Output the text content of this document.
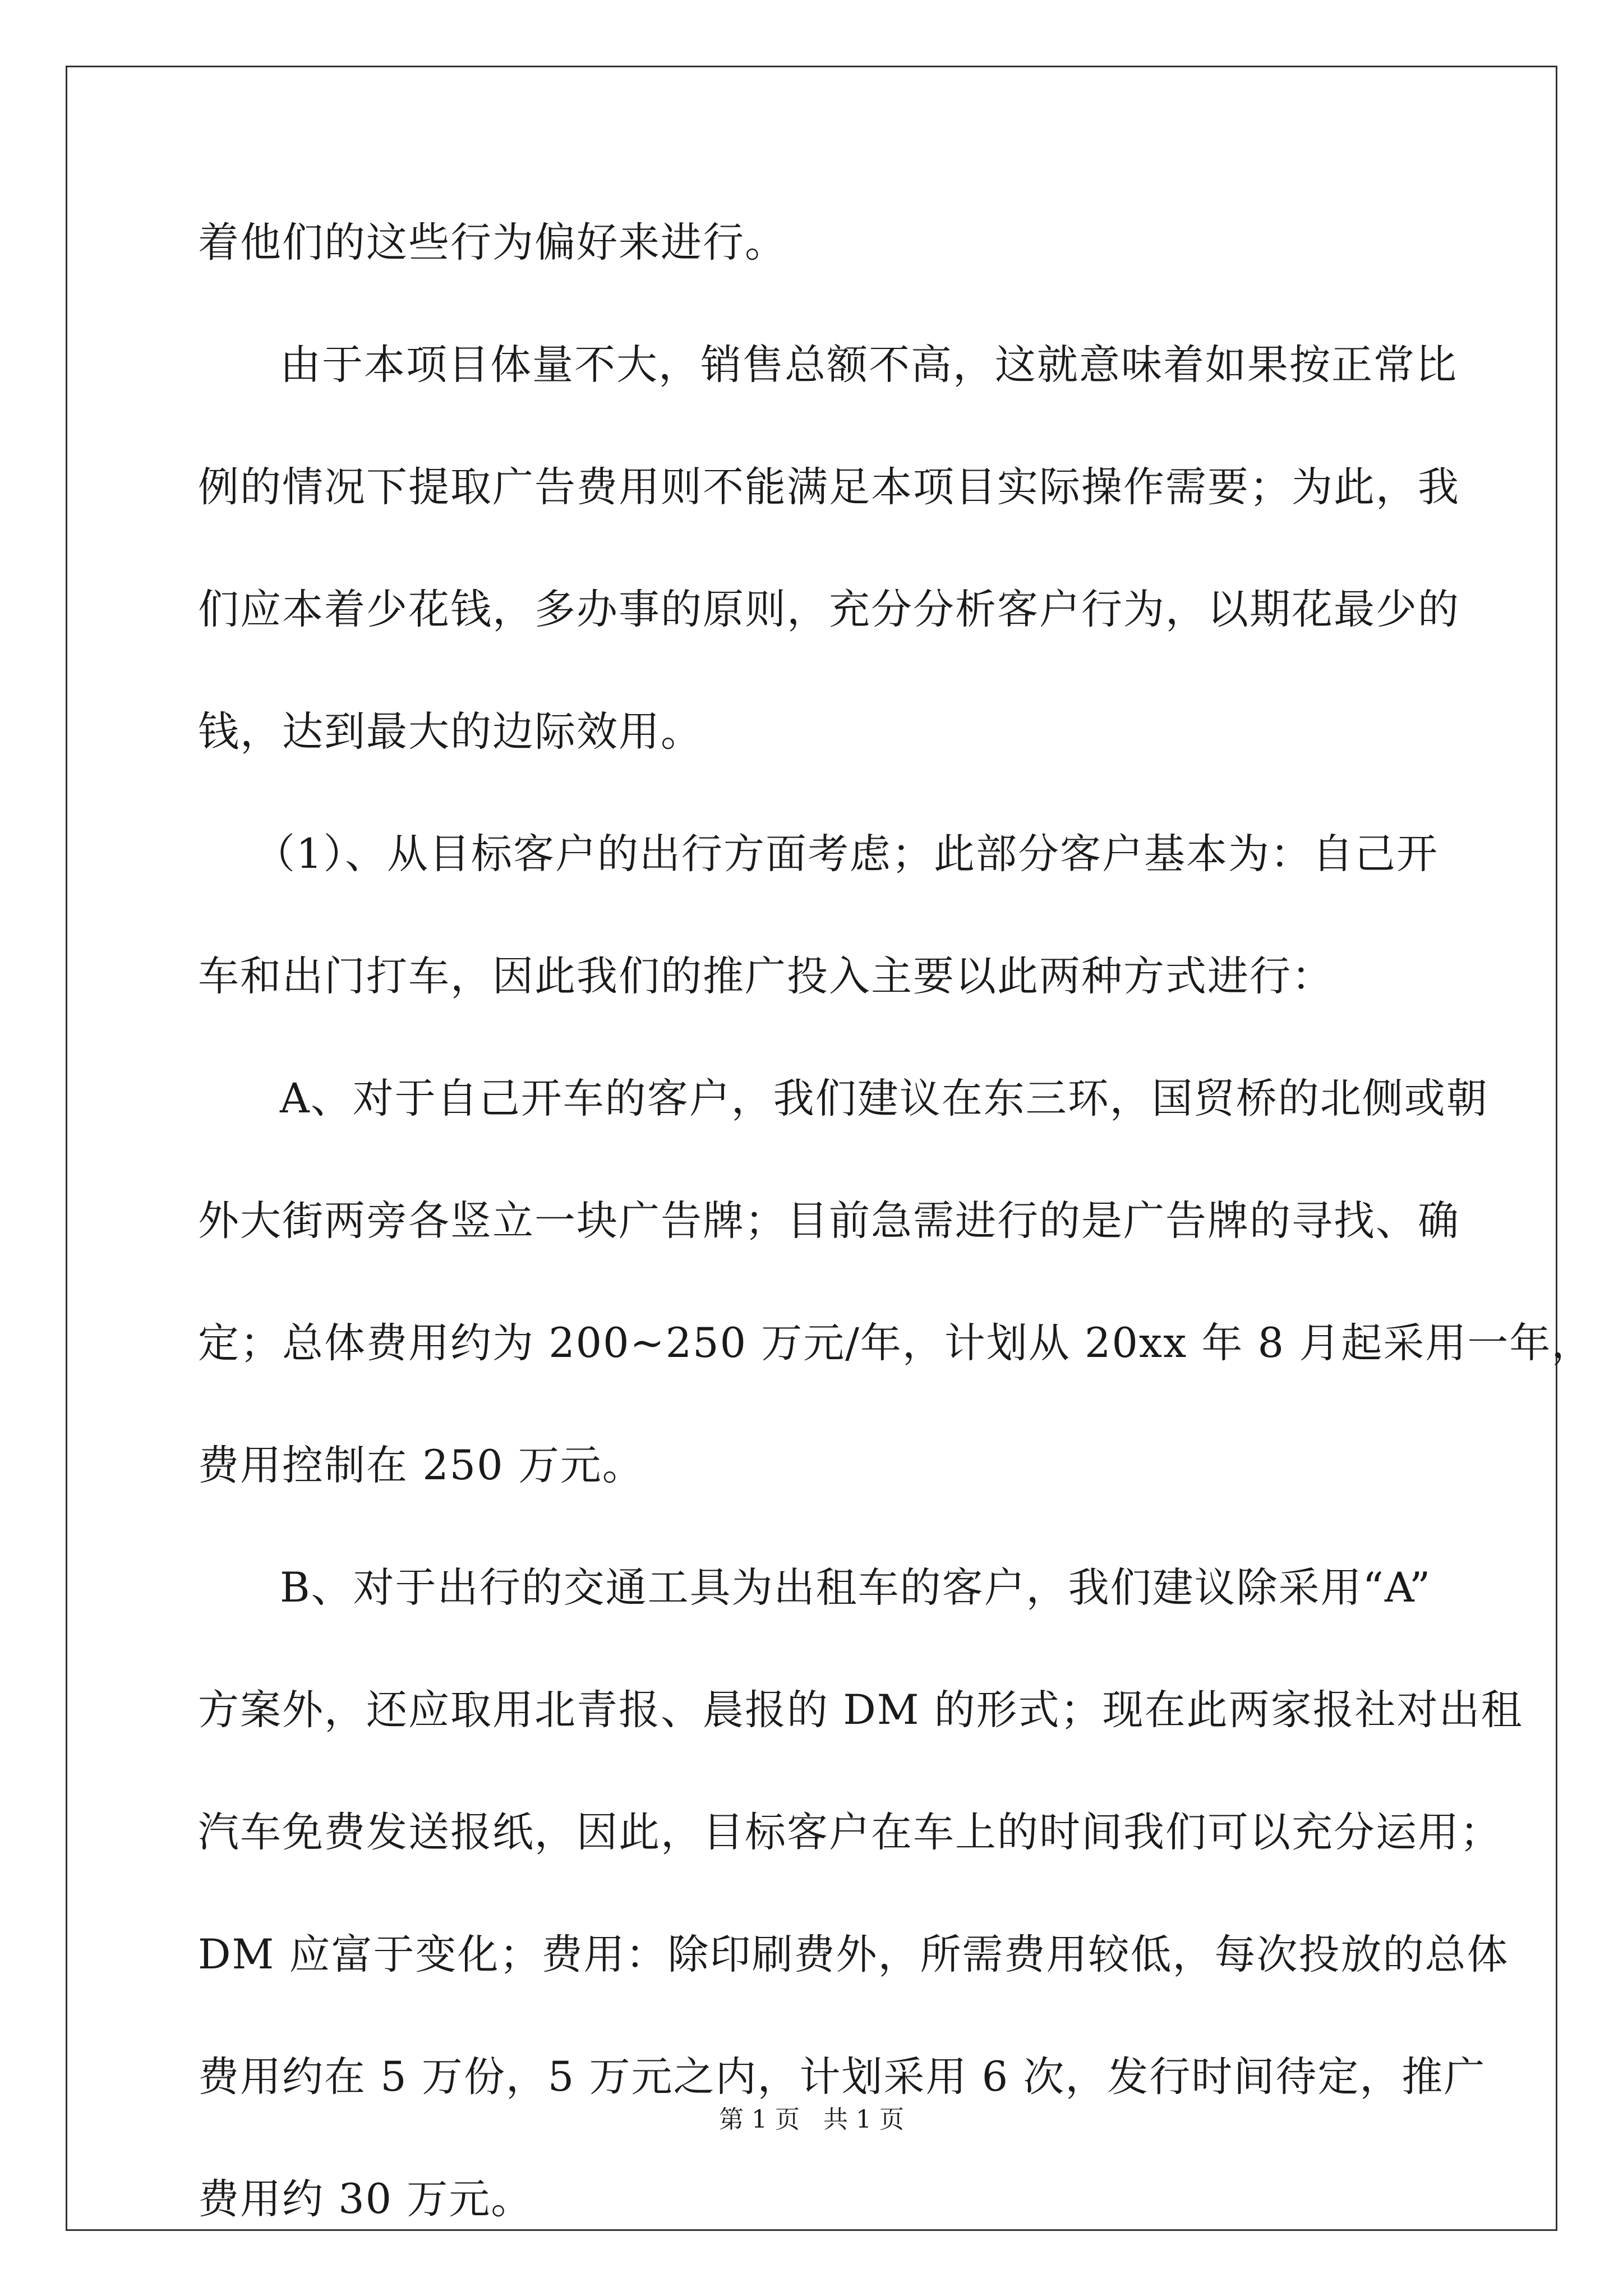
着他们的这些行为偏好来进行。

由于本项目体量不大，销售总额不高，这就意味着如果按正常比

例的情况下提取广告费用则不能满足本项目实际操作需要；为此，我

们应本着少花钱，多办事的原则，充分分析客户行为，以期花最少的

钱，达到最大的边际效用。

（1）、从目标客户的出行方面考虑；此部分客户基本为：自己开

车和出门打车，因此我们的推广投入主要以此两种方式进行：

A、对于自己开车的客户，我们建议在东三环，国贸桥的北侧或朝

外大街两旁各竖立一块广告牌；目前急需进行的是广告牌的寻找、确

定；总体费用约为 200~250 万元/年，计划从 20xx 年 8 月起采用一年，

费用控制在 250 万元。

B、对于出行的交通工具为出租车的客户，我们建议除采用“A”

方案外，还应取用北青报、晨报的 DM 的形式；现在此两家报社对出租

汽车免费发送报纸，因此，目标客户在车上的时间我们可以充分运用；

DM 应富于变化；费用：除印刷费外，所需费用较低，每次投放的总体

费用约在 5 万份，5 万元之内，计划采用 6 次，发行时间待定，推广

费用约 30 万元。

第 1 页   共 1 页
